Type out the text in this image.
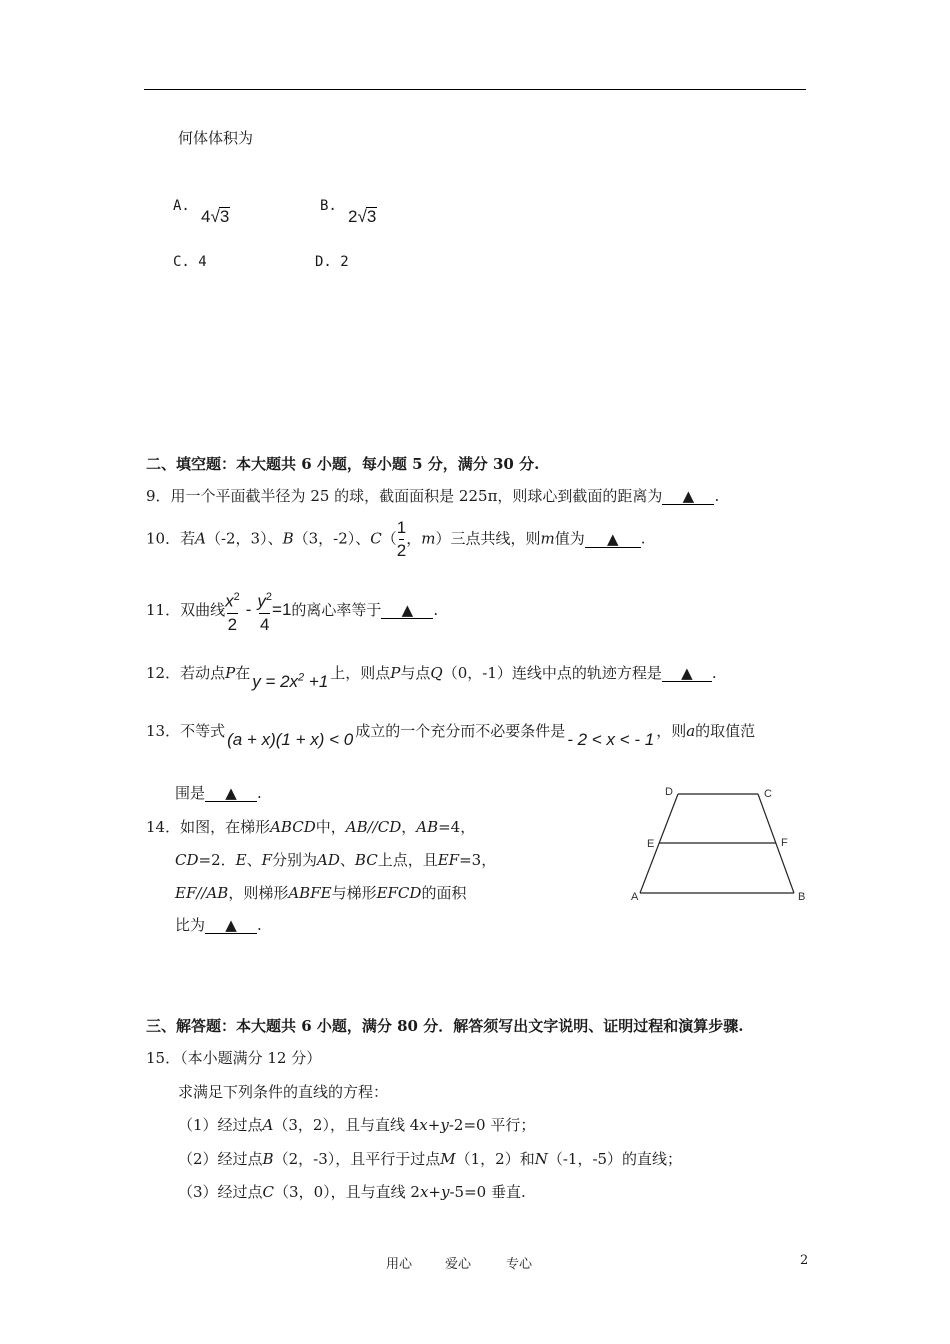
何体体积为
A.
4√3
B.
2√3
C. 4	D. 2
二、填空题：本大题共 6 小题，每小题 5 分，满分 30 分.
9．用一个平面截半径为 25 的球，截面面积是 225π，则球心到截面的距离为 ▲ .
10．若A（-2，3）、B（3，-2）、$C( \frac{1}{2}$ ，m）三点共线，则m值为 ▲ .
11．双曲线 $\frac{x^2}{2} - \frac{y^2}{4} =1$的离心率等于 ▲ .
12．若动点P在 $y = 2x^2 +1$ 上，则点P与点Q（0，-1）连线中点的轨迹方程是 ▲ .
13．不等式 (a + x)(1 + x) < 0 成立的一个充分而不必要条件是 - 2 < x < - 1 ，则a的取值范
围是 ▲ .
14．如图，在梯形ABCD中，AB//CD，AB=4，
CD=2．E、F分别为AD、BC上点，且EF=3，
EF//AB，则梯形ABFE与梯形EFCD的面积
比为 ▲ .
A	B
C
D
E	F
三、解答题：本大题共 6 小题，满分 80 分．解答须写出文字说明、证明过程和演算步骤.
15．（本小题满分 12 分）
求满足下列条件的直线的方程：
（1）经过点A（3，2），且与直线 4x+y-2=0 平行；
（2）经过点B（2，-3），且平行于过点M（1，2）和N（-1，-5）的直线；
（3）经过点C（3，0），且与直线 2x+y-5=0 垂直.
用心	爱心	专心	2
